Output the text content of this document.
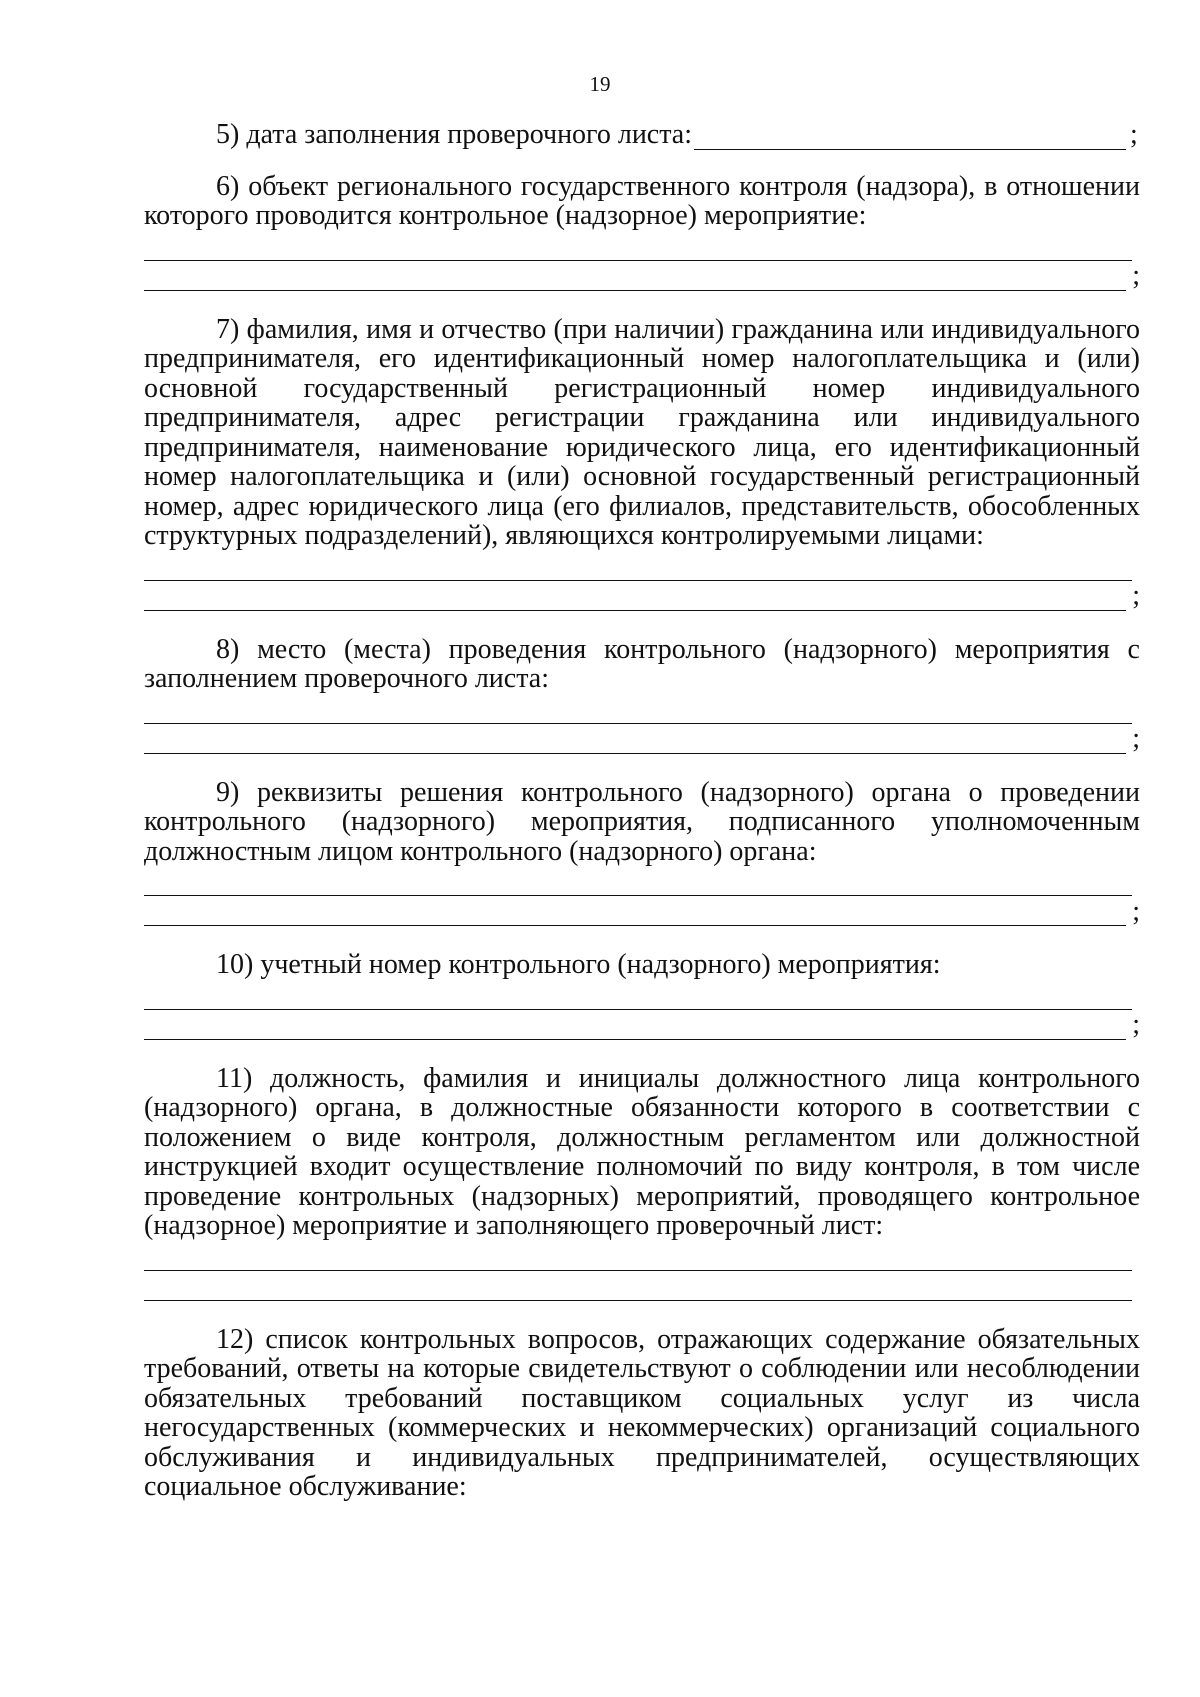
19
5) дата заполнения проверочного листа:	;

6) объект регионального государственного контроля (надзора), в отношении которого проводится контрольное (надзорное) мероприятие:

;

7) фамилия, имя и отчество (при наличии) гражданина или индивидуального предпринимателя, его идентификационный номер налогоплательщика и (или) основной государственный регистрационный номер индивидуального предпринимателя, адрес регистрации гражданина или индивидуального предпринимателя, наименование юридического лица, его идентификационный номер налогоплательщика и (или) основной государственный регистрационный номер, адрес юридического лица (его филиалов, представительств, обособленных структурных подразделений), являющихся контролируемыми лицами:

;

8) место (места) проведения контрольного (надзорного) мероприятия с заполнением проверочного листа:

;

9) реквизиты решения контрольного (надзорного) органа о проведении контрольного (надзорного) мероприятия, подписанного уполномоченным должностным лицом контрольного (надзорного) органа:

;

10) учетный номер контрольного (надзорного) мероприятия:

;

11) должность, фамилия и инициалы должностного лица контрольного (надзорного) органа, в должностные обязанности которого в соответствии с положением о виде контроля, должностным регламентом или должностной инструкцией входит осуществление полномочий по виду контроля, в том числе проведение контрольных (надзорных) мероприятий, проводящего контрольное (надзорное) мероприятие и заполняющего проверочный лист:

12) список контрольных вопросов, отражающих содержание обязательных требований, ответы на которые свидетельствуют о соблюдении или несоблюдении обязательных требований поставщиком социальных услуг из числа негосударственных (коммерческих и некоммерческих) организаций социального обслуживания и индивидуальных предпринимателей, осуществляющих социальное обслуживание:
